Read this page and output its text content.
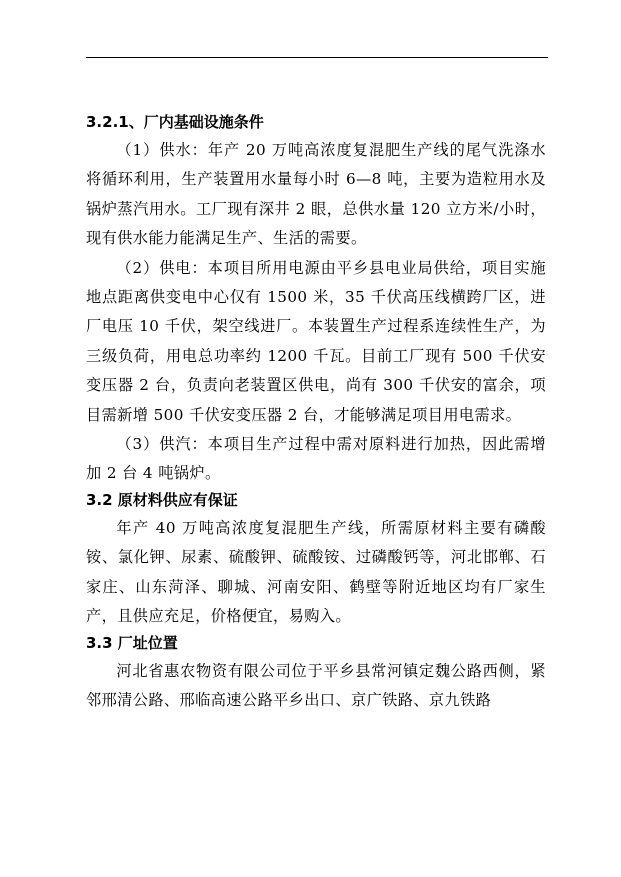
3.2.1、厂内基础设施条件

（1）供水：年产 20 万吨高浓度复混肥生产线的尾气洗涤水将循环利用，生产装置用水量每小时 6—8 吨，主要为造粒用水及锅炉蒸汽用水。工厂现有深井 2 眼，总供水量 120 立方米/小时，现有供水能力能满足生产、生活的需要。

（2）供电：本项目所用电源由平乡县电业局供给，项目实施地点距离供变电中心仅有 1500 米，35 千伏高压线横跨厂区，进厂电压 10 千伏，架空线进厂。本装置生产过程系连续性生产，为三级负荷，用电总功率约 1200 千瓦。目前工厂现有 500 千伏安变压器 2 台，负责向老装置区供电，尚有 300 千伏安的富余，项目需新增 500 千伏安变压器 2 台，才能够满足项目用电需求。

（3）供汽：本项目生产过程中需对原料进行加热，因此需增加 2 台 4 吨锅炉。

3.2 原材料供应有保证

年产 40 万吨高浓度复混肥生产线，所需原材料主要有磷酸铵、氯化钾、尿素、硫酸钾、硫酸铵、过磷酸钙等，河北邯郸、石家庄、山东菏泽、聊城、河南安阳、鹤壁等附近地区均有厂家生产，且供应充足，价格便宜，易购入。

3.3 厂址位置

河北省惠农物资有限公司位于平乡县常河镇定魏公路西侧，紧邻邢清公路、邢临高速公路平乡出口、京广铁路、京九铁路
